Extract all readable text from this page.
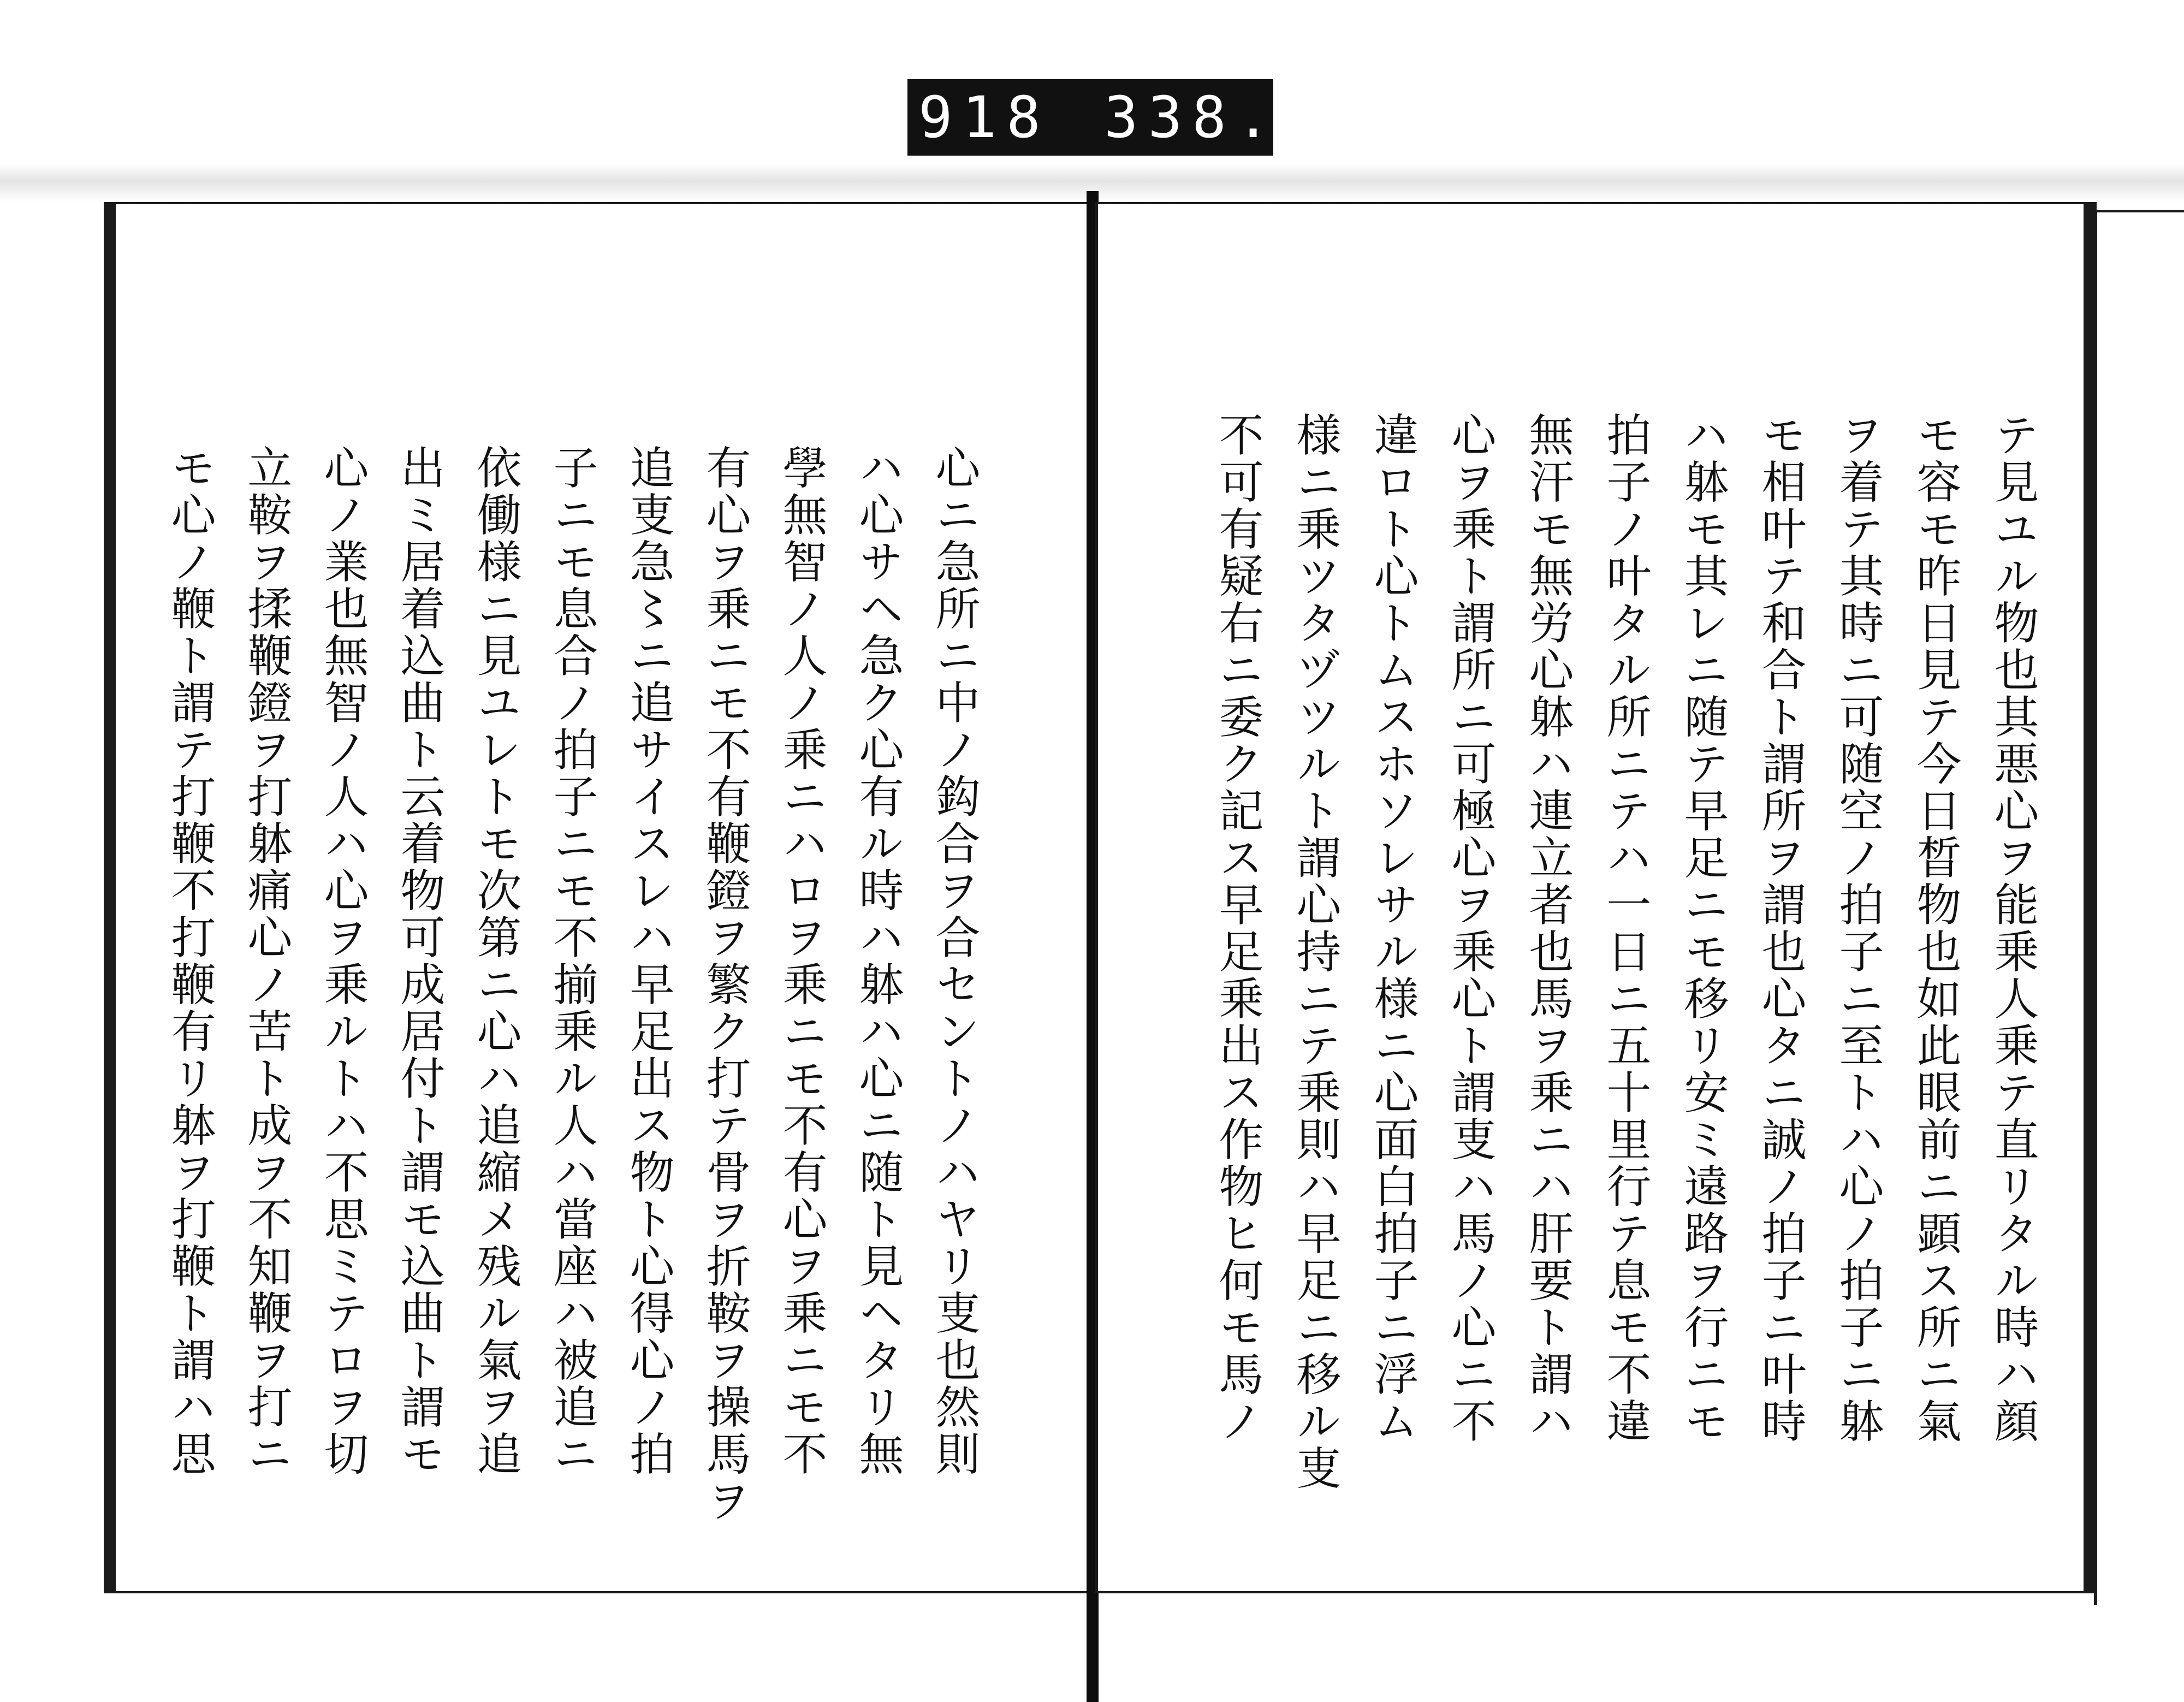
918 338.
心ニ急所ニ中ノ鈎合ヲ合セントノハヤリ叓也然則
ハ心サヘ急ク心有ル時ハ躰ハ心ニ随ト見ヘタリ無
學無智ノ人ノ乗ニハロヲ乗ニモ不有心ヲ乗ニモ不
有心ヲ乗ニモ不有鞭鐙ヲ繁ク打テ骨ヲ折鞍ヲ操馬ヲ
追叓急〻ニ追サイスレハ早足出ス物ト心得心ノ拍
子ニモ息合ノ拍子ニモ不揃乗ル人ハ當座ハ被追ニ
依働様ニ見ユレトモ次第ニ心ハ追縮メ残ル氣ヲ追
出ミ居着込曲ト云着物可成居付ト謂モ込曲ト謂モ
心ノ業也無智ノ人ハ心ヲ乗ルトハ不思ミテロヲ切
立鞍ヲ揉鞭鐙ヲ打躰痛心ノ苦ト成ヲ不知鞭ヲ打ニ
モ心ノ鞭ト謂テ打鞭不打鞭有リ躰ヲ打鞭ト謂ハ思	テ見ユル物也其悪心ヲ能乗人乗テ直リタル時ハ顔
モ容モ昨日見テ今日晳物也如此眼前ニ顕ス所ニ氣
ヲ着テ其時ニ可随空ノ拍子ニ至トハ心ノ拍子ニ躰
モ相叶テ和合ト謂所ヲ謂也心タニ誠ノ拍子ニ叶時
ハ躰モ其レニ随テ早足ニモ移リ安ミ遠路ヲ行ニモ
拍子ノ叶タル所ニテハ一日ニ五十里行テ息モ不違
無汗モ無労心躰ハ連立者也馬ヲ乗ニハ肝要ト謂ハ
心ヲ乗ト謂所ニ可極心ヲ乗心ト謂叓ハ馬ノ心ニ不
違ロト心トムスホソレサル様ニ心面白拍子ニ浮ム
様ニ乗ツタヅツルト謂心持ニテ乗則ハ早足ニ移ル叓
不可有疑右ニ委ク記ス早足乗出ス作物ヒ何モ馬ノ
